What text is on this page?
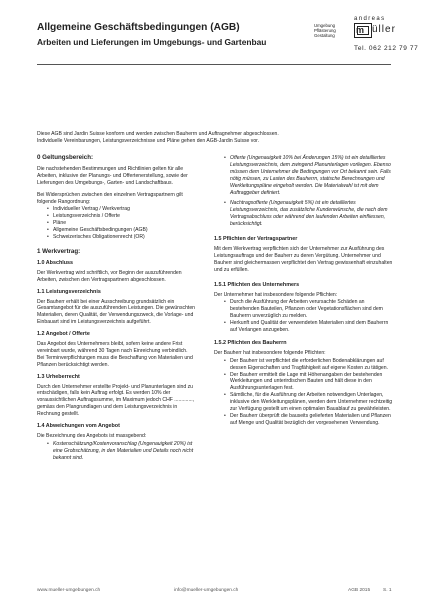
Allgemeine Geschäftsbedingungen (AGB)
Arbeiten und Lieferungen im Umgebungs- und Gartenbau
andreas
Umgebung
Pflästerung
Gestaltung
m üller
Tel. 062 212 79 77
Diese AGB sind Jardin Suisse konform und werden zwischen Bauherrn und Auftragnehmer abgeschlossen.
Individuelle Vereinbarungen, Leistungsverzeichnisse und Pläne gehen den AGB-Jardin Suisse vor.
0 Geltungsbereich:
Die nachstehenden Bestimmungen und Richtlinien gelten für alle Arbeiten, inklusive der Planungs- und Offertenerstellung, sowie der Lieferungen des Umgebungs-, Garten- und Landschaftbaus.
Bei Widersprüchen zwischen den einzelnen Vertragspartnern gilt folgende Rangordnung:
• Individueller Vertrag / Werkvertrag
• Leistungsverzeichnis / Offerte
• Pläne
• Allgemeine Geschäftsbedingungen (AGB)
• Schweizerisches Obligationenrecht (OR)
1 Werkvertrag:
1.0 Abschluss
Der Werkvertrag wird schriftlich, vor Beginn der auszuführenden Arbeiten, zwischen den Vertragspartnern abgeschlossen.
1.1 Leistungsverzeichnis
Der Bauherr erhält bei einer Ausschreibung grundsätzlich ein Gesamtangebot für die auszuführenden Leistungen. Die gewünschten Materialien, deren Qualität, der Verwendungszweck, die Vorlage- und Einbauart sind im Leistungsverzeichnis aufgeführt.
1.2 Angebot / Offerte
Das Angebot des Unternehmers bleibt, sofern keine andere Frist vereinbart wurde, während 30 Tagen nach Einreichung verbindlich.
Bei Terminverpflichtungen muss die Beschaffung von Materialien und Pflanzen berücksichtigt werden.
1.3 Urheberrecht
Durch den Unternehmer erstellte Projekt- und Planunterlagen sind zu entschädigen, falls kein Auftrag erfolgt. Es werden 10% der voraussichtlichen Auftragssumme, im Maximum jedoch CHF ............., gemäss den Plangrundlagen und dem Leistungsverzeichnis in Rechnung gestellt.
1.4 Abweichungen vom Angebot
Die Bezeichnung des Angebots ist massgebend:
• Kostenschätzung/Kostenvoranschlag (Ungenauigkeit 20%) ist eine Grobschätzung, in den Materialien und Details noch nicht bekannt sind.
• Offerte (Ungenauigkeit 10% bei Änderungen 15%) ist ein detailliertes Leistungsverzeichnis, dem zwingend Planunterlagen vorliegen. Ebenso müssen dem Unternehmer die Bedingungen vor Ort bekannt sein. Falls nötig müssen, zu Lasten des Bauherrn, statische Berechnungen und Werkleitungspläne eingeholt werden. Die Materialwahl ist mit dem Auftraggeber definiert.
• Nachtragsofferte (Ungenauigkeit 5%) ist ein detailliertes Leistungsverzeichnis, das zusätzliche Kundenwünsche, die nach dem Vertragsabschluss oder während den laufenden Arbeiten einfliessen, berücksichtigt.
1.5 Pflichten der Vertragspartner
Mit dem Werkvertrag verpflichten sich der Unternehmer zur Ausführung des Leistungsauftrags und der Bauherr zu deren Vergütung. Unternehmer und Bauherr sind gleichermassen verpflichtet den Vertrag gewissenhaft einzuhalten und zu erfüllen.
1.5.1 Pflichten des Unternehmers
Der Unternehmer hat insbesondere folgende Pflichten:
• Durch die Ausführung der Arbeiten verursachte Schäden an bestehenden Bauteilen, Pflanzen oder Vegetationsflächen sind dem Bauherrn unverzüglich zu melden.
• Herkunft und Qualität der verwendeten Materialien sind dem Bauherrn auf Verlangen anzugeben.
1.5.2 Pflichten des Bauherrn
Der Bauherr hat insbesondere folgende Pflichten:
• Der Bauherr ist verpflichtet die erforderlichen Bodenabklärungen auf dessen Eigenschaften und Tragfähigkeit auf eigene Kosten zu tätigen.
• Der Bauherr ermittelt die Lage mit Höhenangaben der bestehenden Werkleitungen und unterirdischen Bauten und hält diese in den Ausführungsunterlagen fest.
• Sämtliche, für die Ausführung der Arbeiten notwendigen Unterlagen, inklusive den Werkleitungsplänen, werden dem Unternehmer rechtzeitig zur Verfügung gestellt um einen optimalen Bauablauf zu gewährleisten.
• Der Bauherr überprüft die bauseits gelieferten Materialien und Pflanzen auf Menge und Qualität bezüglich der vorgesehenen Verwendung.
www.mueller-umgebungen.ch	info@mueller-umgebungen.ch	AGB 2015	S. 1
